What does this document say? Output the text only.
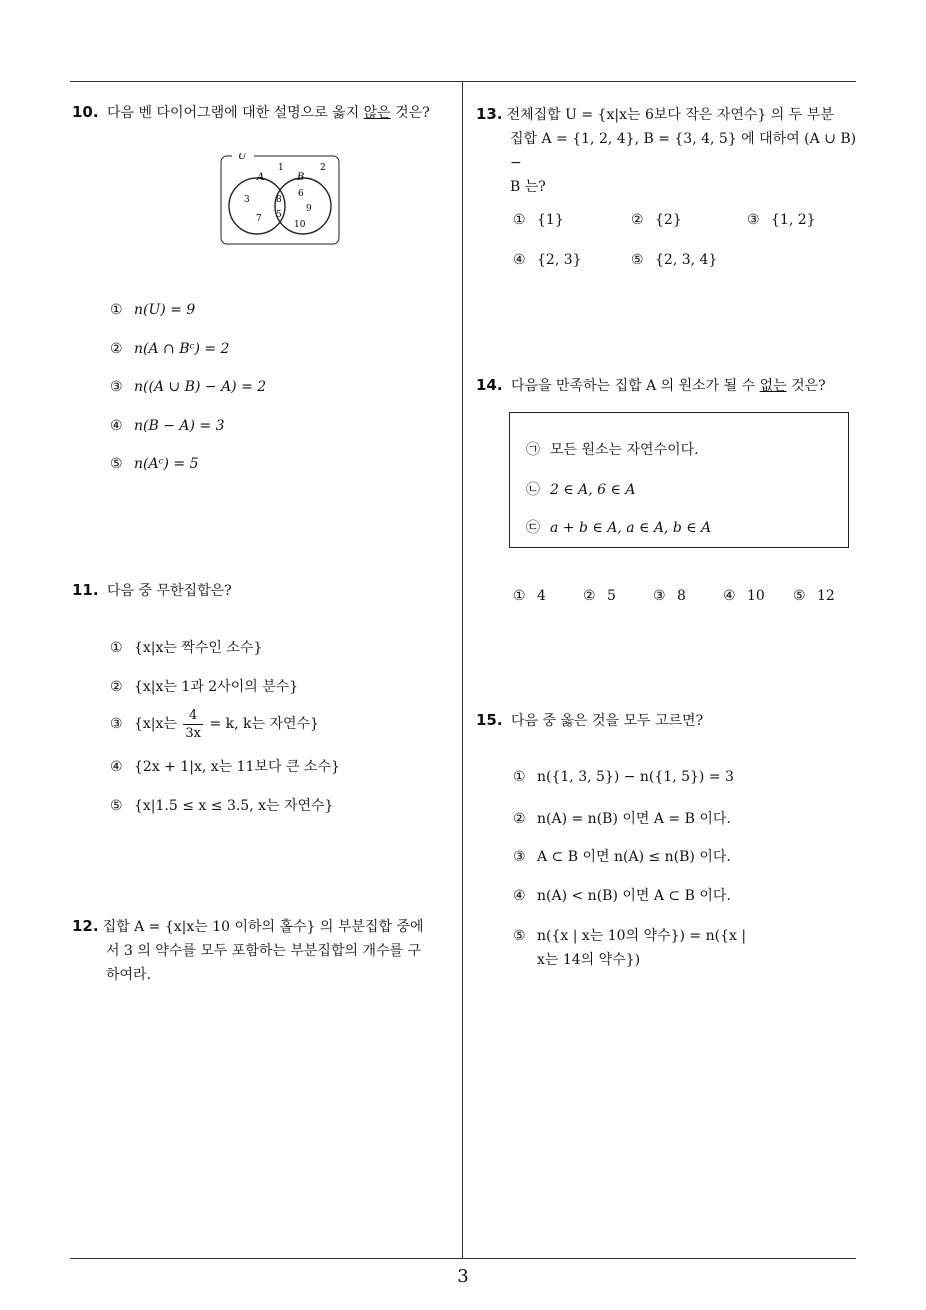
10. 다음 벤 다이어그램에 대한 설명으로 옳지 않은 것은?
U
A	B
1	2
3
7
8
5
6
9
10
① n(U) = 9
② n(A ∩ Bᶜ) = 2
③ n((A ∪ B) − A) = 2
④ n(B − A) = 3
⑤ n(Aᶜ) = 5
11. 다음 중 무한집합은?
① {x|x는 짝수인 소수}
② {x|x는 1과 2사이의 분수}
③ {x|x는 $\frac{4}{3x} = k$, k는 자연수}
④ {2x + 1|x, x는 11보다 큰 소수}
⑤ {x|1.5 ≤ x ≤ 3.5, x는 자연수}
12. 집합 A = {x|x는 10 이하의 홀수} 의 부분집합 중에
서 3 의 약수를 모두 포함하는 부분집합의 개수를 구
하여라.
13. 전체집합 U = {x|x는 6보다 작은 자연수} 의 두 부분
집합 A = {1, 2, 4}, B = {3, 4, 5} 에 대하여 (A ∪ B) −
B 는?
① {1}	② {2}	③ {1, 2}
④ {2, 3}	⑤ {2, 3, 4}
14. 다음을 만족하는 집합 A 의 원소가 될 수 없는 것은?
㉠ 모든 원소는 자연수이다.
㉡ 2 ∈ A, 6 ∈ A
㉢ a + b ∈ A, a ∈ A, b ∈ A
① 4	② 5	③ 8	④ 10 ⑤ 12
15. 다음 중 옳은 것을 모두 고르면?
① n({1, 3, 5}) − n({1, 5}) = 3
② n(A) = n(B) 이면 A = B 이다.
③ A ⊂ B 이면 n(A) ≤ n(B) 이다.
④ n(A) < n(B) 이면 A ⊂ B 이다.
⑤ n({x | x는 10의 약수}) = n({x |
x는 14의 약수})
3
